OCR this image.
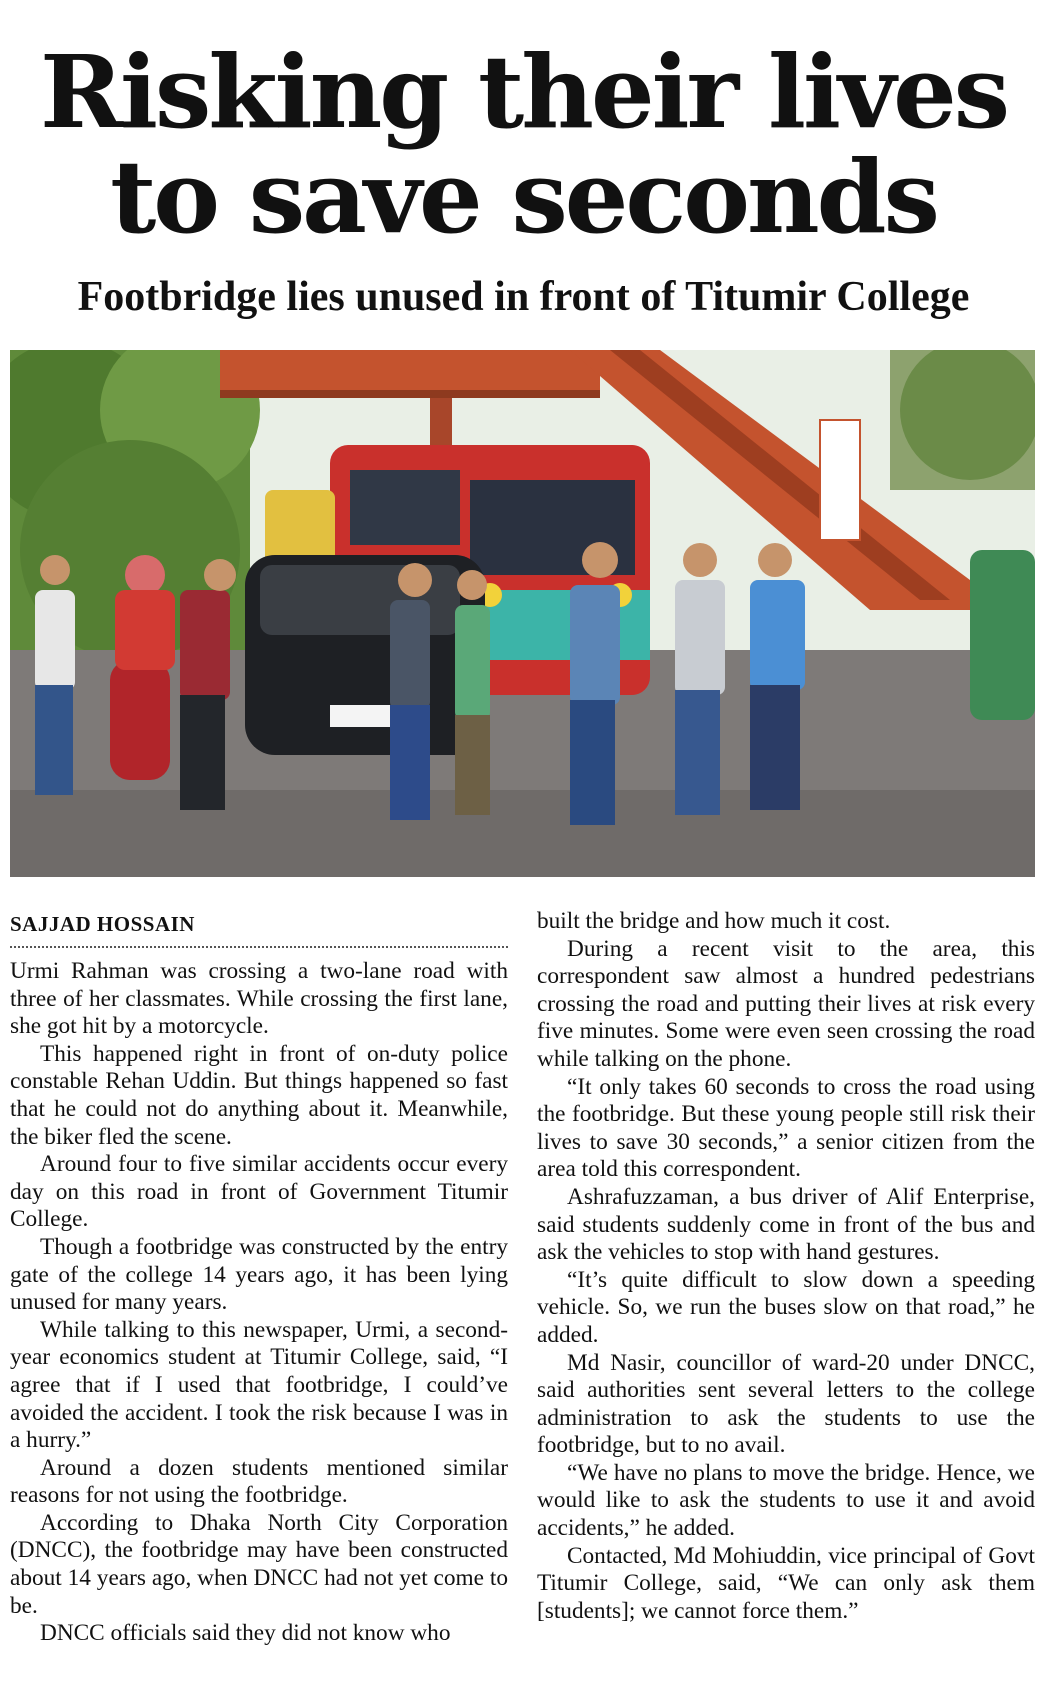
Risking their lives
to save seconds
Footbridge lies unused in front of Titumir College
SAJJAD HOSSAIN

Urmi Rahman was crossing a two-lane road with three of her classmates. While crossing the first lane, she got hit by a motorcycle.

This happened right in front of on-duty police constable Rehan Uddin. But things happened so fast that he could not do anything about it. Meanwhile, the biker fled the scene.

Around four to five similar accidents occur every day on this road in front of Government Titumir College.

Though a footbridge was constructed by the entry gate of the college 14 years ago, it has been lying unused for many years.

While talking to this newspaper, Urmi, a second-year economics student at Titumir College, said, “I agree that if I used that footbridge, I could’ve avoided the accident. I took the risk because I was in a hurry.”

Around a dozen students mentioned similar reasons for not using the footbridge.

According to Dhaka North City Corporation (DNCC), the footbridge may have been constructed about 14 years ago, when DNCC had not yet come to be.

DNCC officials said they did not know who

built the bridge and how much it cost.

During a recent visit to the area, this correspondent saw almost a hundred pedestrians crossing the road and putting their lives at risk every five minutes. Some were even seen crossing the road while talking on the phone.

“It only takes 60 seconds to cross the road using the footbridge. But these young people still risk their lives to save 30 seconds,” a senior citizen from the area told this correspondent.

Ashrafuzzaman, a bus driver of Alif Enterprise, said students suddenly come in front of the bus and ask the vehicles to stop with hand gestures.

“It’s quite difficult to slow down a speeding vehicle. So, we run the buses slow on that road,” he added.

Md Nasir, councillor of ward-20 under DNCC, said authorities sent several letters to the college administration to ask the students to use the footbridge, but to no avail.

“We have no plans to move the bridge. Hence, we would like to ask the students to use it and avoid accidents,” he added.

Contacted, Md Mohiuddin, vice principal of Govt Titumir College, said, “We can only ask them [students]; we cannot force them.”
